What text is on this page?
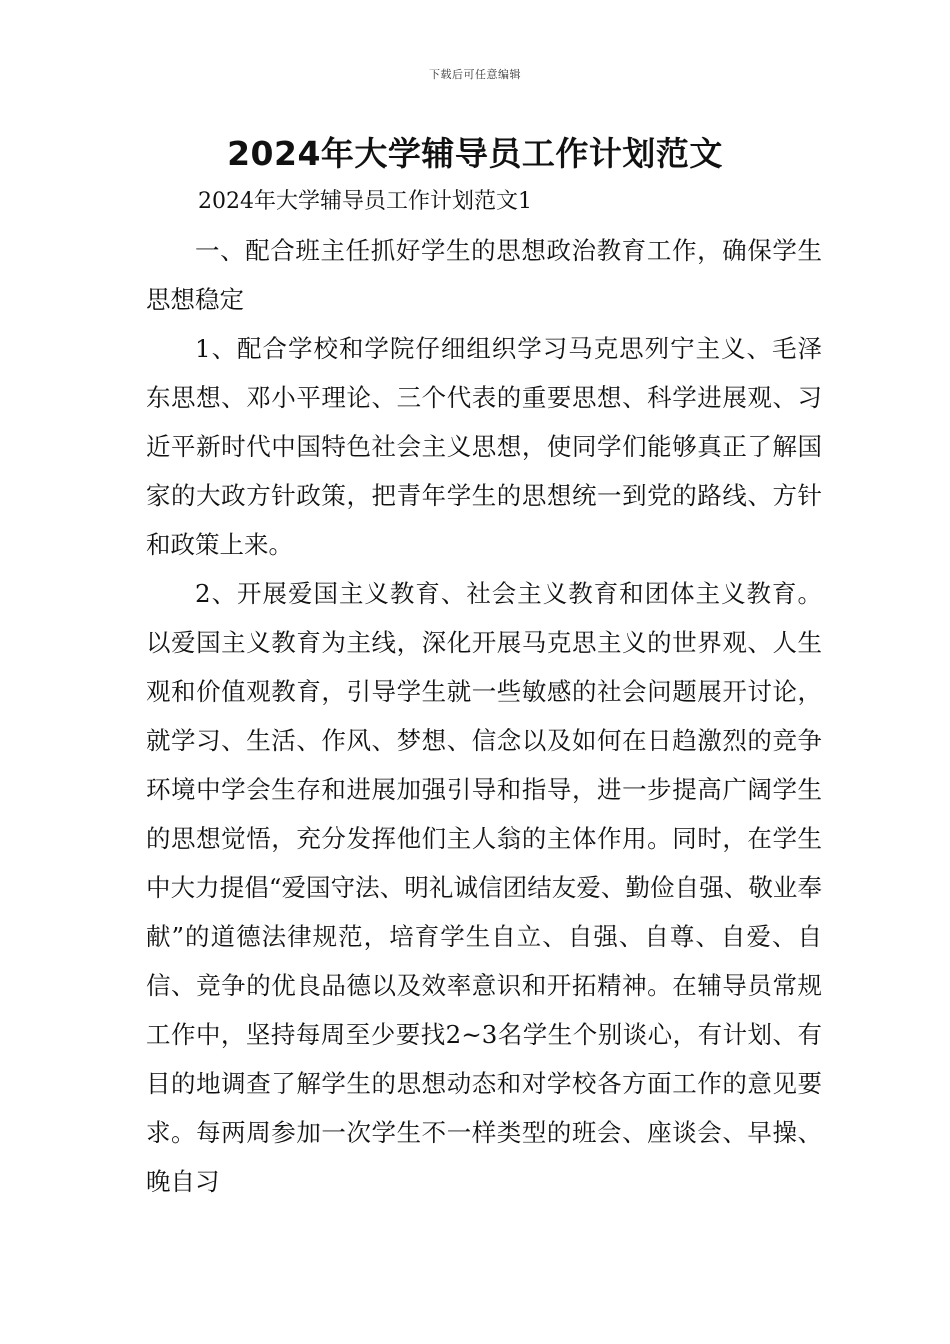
下载后可任意编辑
2024年大学辅导员工作计划范文

2024年大学辅导员工作计划范文1

一、配合班主任抓好学生的思想政治教育工作，确保学生思想稳定

1、配合学校和学院仔细组织学习马克思列宁主义、毛泽东思想、邓小平理论、三个代表的重要思想、科学进展观、习近平新时代中国特色社会主义思想，使同学们能够真正了解国家的大政方针政策，把青年学生的思想统一到党的路线、方针和政策上来。

2、开展爱国主义教育、社会主义教育和团体主义教育。以爱国主义教育为主线，深化开展马克思主义的世界观、人生观和价值观教育，引导学生就一些敏感的社会问题展开讨论，就学习、生活、作风、梦想、信念以及如何在日趋激烈的竞争环境中学会生存和进展加强引导和指导，进一步提高广阔学生的思想觉悟，充分发挥他们主人翁的主体作用。同时，在学生中大力提倡“爱国守法、明礼诚信团结友爱、勤俭自强、敬业奉献”的道德法律规范，培育学生自立、自强、自尊、自爱、自信、竞争的优良品德以及效率意识和开拓精神。在辅导员常规工作中，坚持每周至少要找2~3名学生个别谈心，有计划、有目的地调查了解学生的思想动态和对学校各方面工作的意见要求。每两周参加一次学生不一样类型的班会、座谈会、早操、晚自习
